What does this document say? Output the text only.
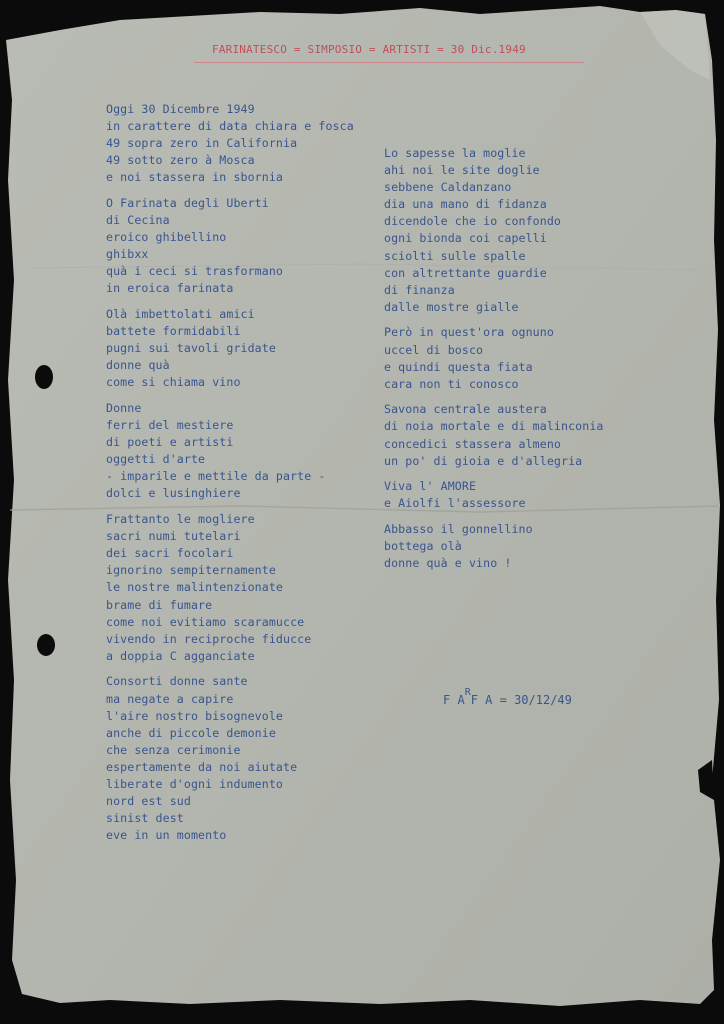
FARINATESCO = SIMPOSIO = ARTISTI = 30 Dic.1949
Oggi 30 Dicembre 1949
in carattere di data chiara e fosca
49 sopra zero in California
49 sotto zero à Mosca
e noi stassera in sbornia
O Farinata degli Uberti
di Cecina
eroico ghibellino
ghibxx
quà i ceci si trasformano
in eroica farinata
Olà imbettolati amici
battete formidabili
pugni sui tavoli gridate
donne quà
come si chiama vino
Donne
ferri del mestiere
di poeti e artisti
oggetti d'arte
- imparile e mettile da parte -
dolci e lusinghiere
Frattanto le mogliere
sacri numi tutelari
dei sacri focolari
ignorino sempiternamente
le nostre malintenzionate
brame di fumare
come noi evitiamo scaramucce
vivendo in reciproche fiducce
a doppia C agganciate
Consorti donne sante
ma negate a capire
l'aire nostro bisognevole
anche di piccole demonie
che senza cerimonie
espertamente da noi aiutate
liberate d'ogni indumento
nord est sud
sinist dest
eve in un momento
Lo sapesse la moglie
ahi noi le site doglie
sebbene Caldanzano
dia una mano di fidanza
dicendole che io confondo
ogni bionda coi capelli
sciolti sulle spalle
con altrettante guardie
di finanza
dalle mostre gialle
Però in quest'ora ognuno
uccel di bosco
e quindi questa fiata
cara non ti conosco
Savona centrale austera
di noia mortale e di malinconia
concedici stassera almeno
un po' di gioia e d'allegria
Viva l' AMORE
e Aiolfi l'assessore
Abbasso il gonnellino
bottega olà
donne quà e vino !
F $A^RF$ A = 30/12/49
